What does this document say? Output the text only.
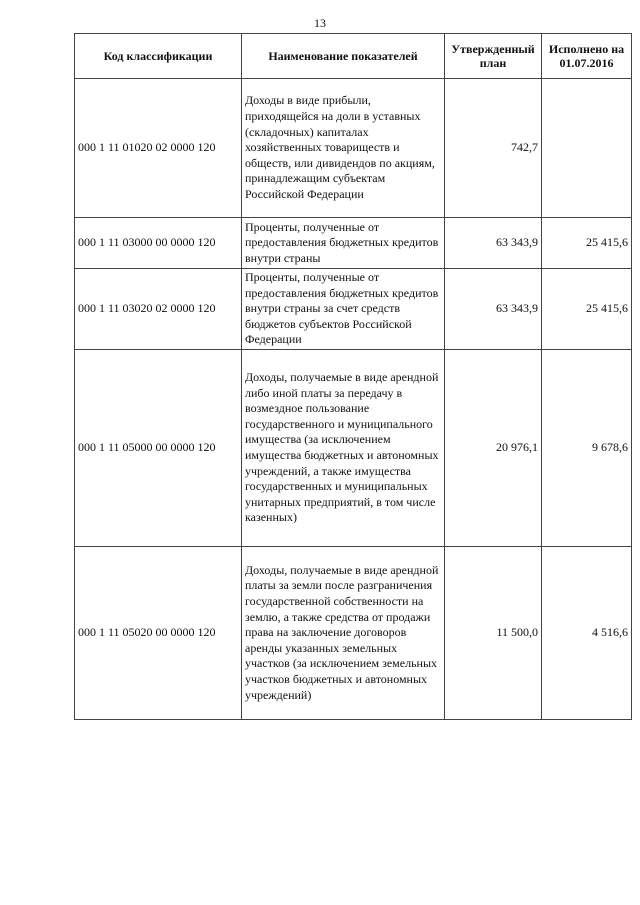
13
Код классификации	Наименование показателей	Утвержденный план	Исполнено на 01.07.2016
000 1 11 01020 02 0000 120	Доходы в виде прибыли, приходящейся на доли в уставных (складочных) капиталах хозяйственных товариществ и обществ, или дивидендов по акциям, принадлежащим субъектам Российской Федерации	742,7	
000 1 11 03000 00 0000 120	Проценты, полученные от предоставления бюджетных кредитов внутри страны	63 343,9	25 415,6
000 1 11 03020 02 0000 120	Проценты, полученные от предоставления бюджетных кредитов внутри страны за счет средств бюджетов субъектов Российской Федерации	63 343,9	25 415,6
000 1 11 05000 00 0000 120	Доходы, получаемые в виде арендной либо иной платы за передачу в возмездное пользование государственного и муниципального имущества (за исключением имущества бюджетных и автономных учреждений, а также имущества государственных и муниципальных унитарных предприятий, в том числе казенных)	20 976,1	9 678,6
000 1 11 05020 00 0000 120	Доходы, получаемые в виде арендной платы за земли после разграничения государственной собственности на землю, а также средства от продажи права на заключение договоров аренды указанных земельных участков (за исключением земельных участков бюджетных и автономных учреждений)	11 500,0	4 516,6
